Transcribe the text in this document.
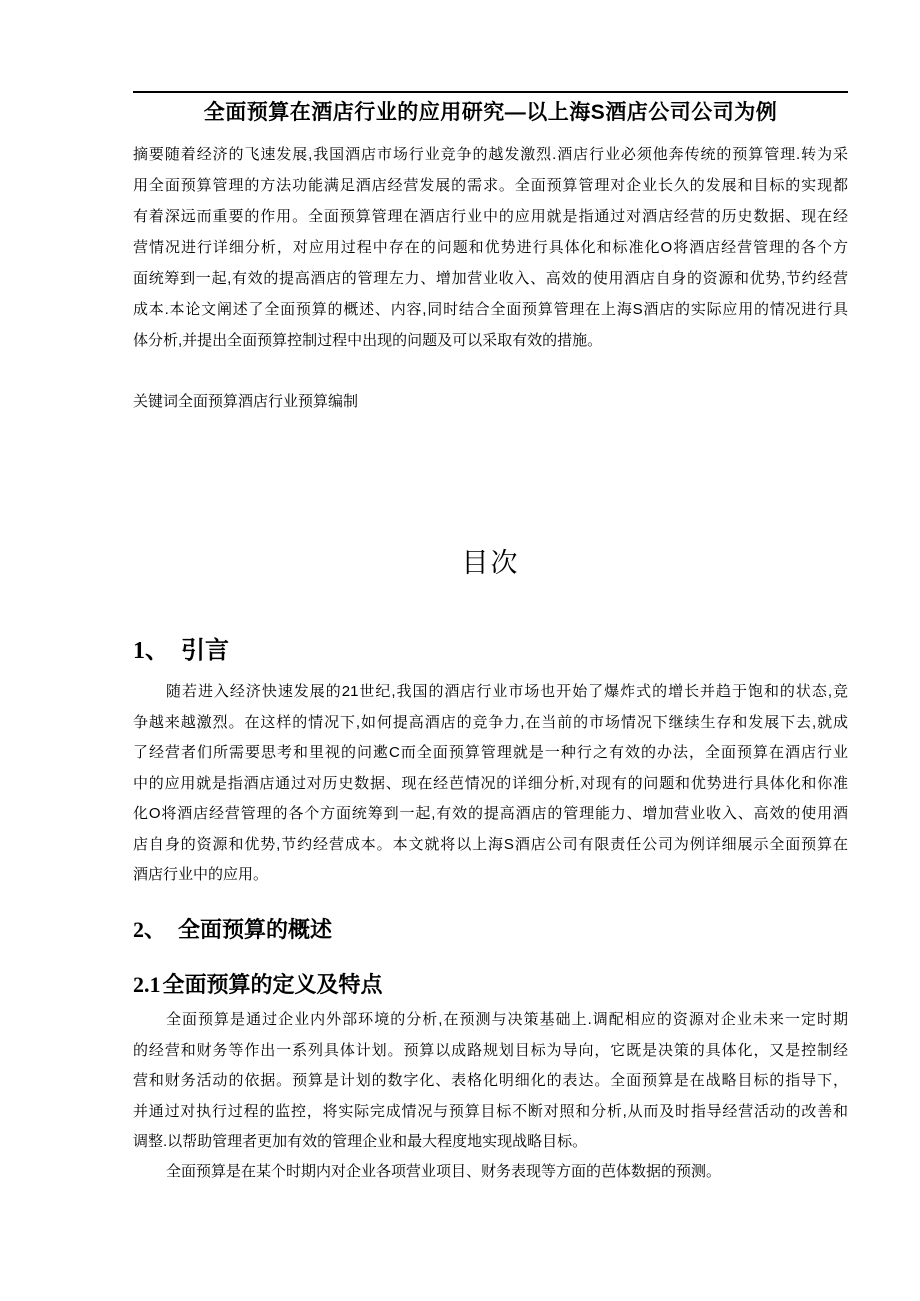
全面预算在酒店行业的应用研究—以上海S酒店公司公司为例
摘要随着经济的飞速发展,我国酒店市场行业竞争的越发激烈.酒店行业必须他奔传统的预算管理.转为采
用全面预算管理的方法功能满足酒店经营发展的需求。全面预算管理对企业长久的发展和目标的实现都
有着深远而重要的作用。全面预算管理在酒店行业中的应用就是指通过对酒店经营的历史数据、现在经
营情况进行详细分析，对应用过程中存在的问题和优势进行具体化和标准化O将酒店经营管理的各个方
面统筹到一起,有效的提高酒店的管理左力、增加营业收入、高效的使用酒店自身的资源和优势,节约经营
成本.本论文阐述了全面预算的概述、内容,同时结合全面预算管理在上海S酒店的实际应用的情况进行具
体分析,并提出全面预算控制过程中出现的问题及可以采取有效的措施。
关键词全面预算酒店行业预算编制
目次
1、 引言
随若进入经济快速发展的21世纪,我国的酒店行业市场也开始了爆炸式的增长并趋于饱和的状态,竞
争越来越激烈。在这样的情况下,如何提高酒店的竞争力,在当前的市场情况下继续生存和发展下去,就成
了经营者们所需要思考和里视的问遬C而全面预算管理就是一种行之有效的办法，全面预算在酒店行业
中的应用就是指酒店通过对历史数据、现在经芭情况的详细分析,对现有的问题和优势进行具体化和你准
化O将酒店经营管理的各个方面统筹到一起,有效的提高酒店的管理能力、增加营业收入、高效的使用酒
店自身的资源和优势,节约经营成本。本文就将以上海S酒店公司有限责任公司为例详细展示全面预算在
酒店行业中的应用。
2、 全面预算的概述
2.1全面预算的定义及特点
全面预算是通过企业内外部环境的分析,在预测与决策基础上.调配相应的资源对企业未来一定时期
的经营和财务等作出一系列具体计划。预算以成路规划目标为导向，它既是决策的具体化，又是控制经
营和财务活动的依据。预算是计划的数字化、表格化明细化的表达。全面预算是在战略目标的指导下，
并通过对执行过程的监控，将实际完成情况与预算目标不断对照和分析,从而及时指导经营活动的改善和
调整.以帮助管理者更加有效的管理企业和最大程度地实现战略目标。
全面预算是在某个时期内对企业各项营业项目、财务表现等方面的芭体数据的预测。
